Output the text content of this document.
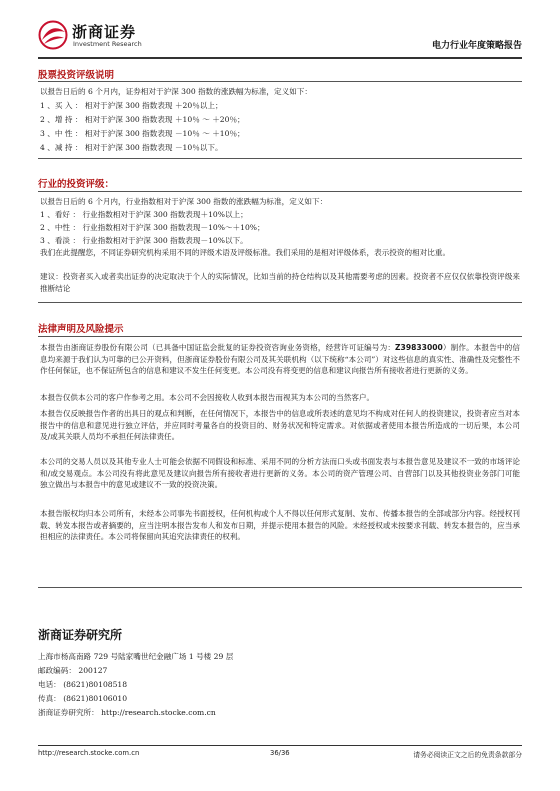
浙商证券
Investment Research	电力行业年度策略报告
股票投资评级说明
以报告日后的 6 个月内，证券相对于沪深 300 指数的涨跌幅为标准，定义如下：
1 、买 入 ： 相对于沪深 300 指数表现 ＋20％以上；
2 、增 持 ： 相对于沪深 300 指数表现 ＋10％ ～ ＋20％；
3 、中 性 ： 相对于沪深 300 指数表现 －10％ ～ ＋10％；
4 、减 持 ： 相对于沪深 300 指数表现 －10％以下。
行业的投资评级：
以报告日后的 6 个月内，行业指数相对于沪深 300 指数的涨跌幅为标准，定义如下：
1 、看好 ： 行业指数相对于沪深 300 指数表现＋10%以上；
2 、中性 ： 行业指数相对于沪深 300 指数表现－10%～＋10%；
3 、看淡 ： 行业指数相对于沪深 300 指数表现－10%以下。
我们在此提醒您，不同证券研究机构采用不同的评级术语及评级标准。我们采用的是相对评级体系，表示投资的相对比重。
建议：投资者买入或者卖出证券的决定取决于个人的实际情况，比如当前的持仓结构以及其他需要考虑的因素。投资者不应仅仅依靠投资评级来推断结论
法律声明及风险提示
本报告由浙商证券股份有限公司（已具备中国证监会批复的证券投资咨询业务资格，经营许可证编号为：Z39833000）制作。本报告中的信息均来源于我们认为可靠的已公开资料，但浙商证券股份有限公司及其关联机构（以下统称“本公司”）对这些信息的真实性、准确性及完整性不作任何保证，也不保证所包含的信息和建议不发生任何变更。本公司没有将变更的信息和建议向报告所有接收者进行更新的义务。
本报告仅供本公司的客户作参考之用。本公司不会因接收人收到本报告而视其为本公司的当然客户。
本报告仅反映报告作者的出具日的观点和判断，在任何情况下，本报告中的信息或所表述的意见均不构成对任何人的投资建议，投资者应当对本报告中的信息和意见进行独立评估，并应同时考量各自的投资目的、财务状况和特定需求。对依据或者使用本报告所造成的一切后果，本公司及/或其关联人员均不承担任何法律责任。
本公司的交易人员以及其他专业人士可能会依据不同假设和标准、采用不同的分析方法而口头或书面发表与本报告意见及建议不一致的市场评论和/或交易观点。本公司没有将此意见及建议向报告所有接收者进行更新的义务。本公司的资产管理公司、自营部门以及其他投资业务部门可能独立做出与本报告中的意见或建议不一致的投资决策。
本报告版权均归本公司所有，未经本公司事先书面授权，任何机构或个人不得以任何形式复制、发布、传播本报告的全部或部分内容。经授权刊载、转发本报告或者摘要的，应当注明本报告发布人和发布日期，并提示使用本报告的风险。未经授权或未按要求刊载、转发本报告的，应当承担相应的法律责任。本公司将保留向其追究法律责任的权利。
浙商证券研究所
上海市杨高南路 729 号陆家嘴世纪金融广场 1 号楼 29 层
邮政编码： 200127
电话： (8621)80108518
传真： (8621)80106010
浙商证券研究所： http://research.stocke.com.cn
http://research.stocke.com.cn	36/36	请务必阅读正文之后的免责条款部分
